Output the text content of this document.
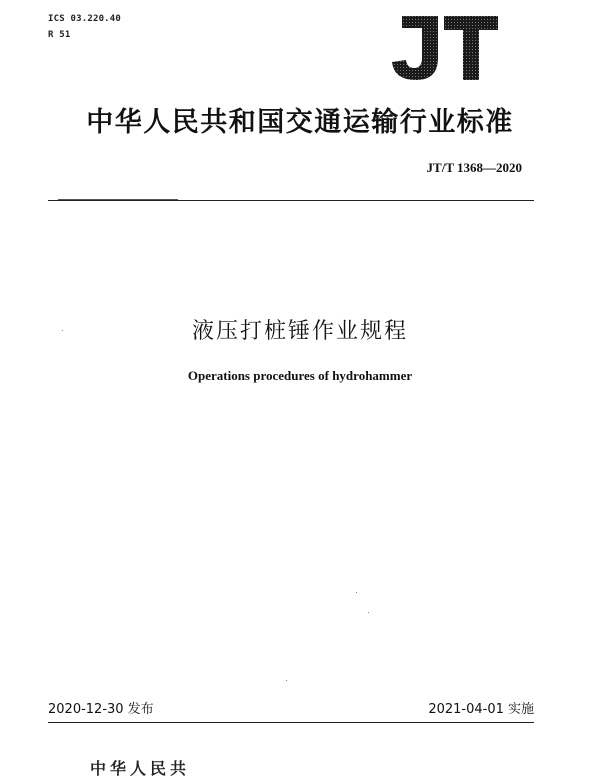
ICS 03.220.40
R 51
JT
中华人民共和国交通运输行业标准
JT/T 1368—2020
液压打桩锤作业规程
Operations procedures of hydrohammer
2020-12-30 发布	2021-04-01 实施
中华人民共
